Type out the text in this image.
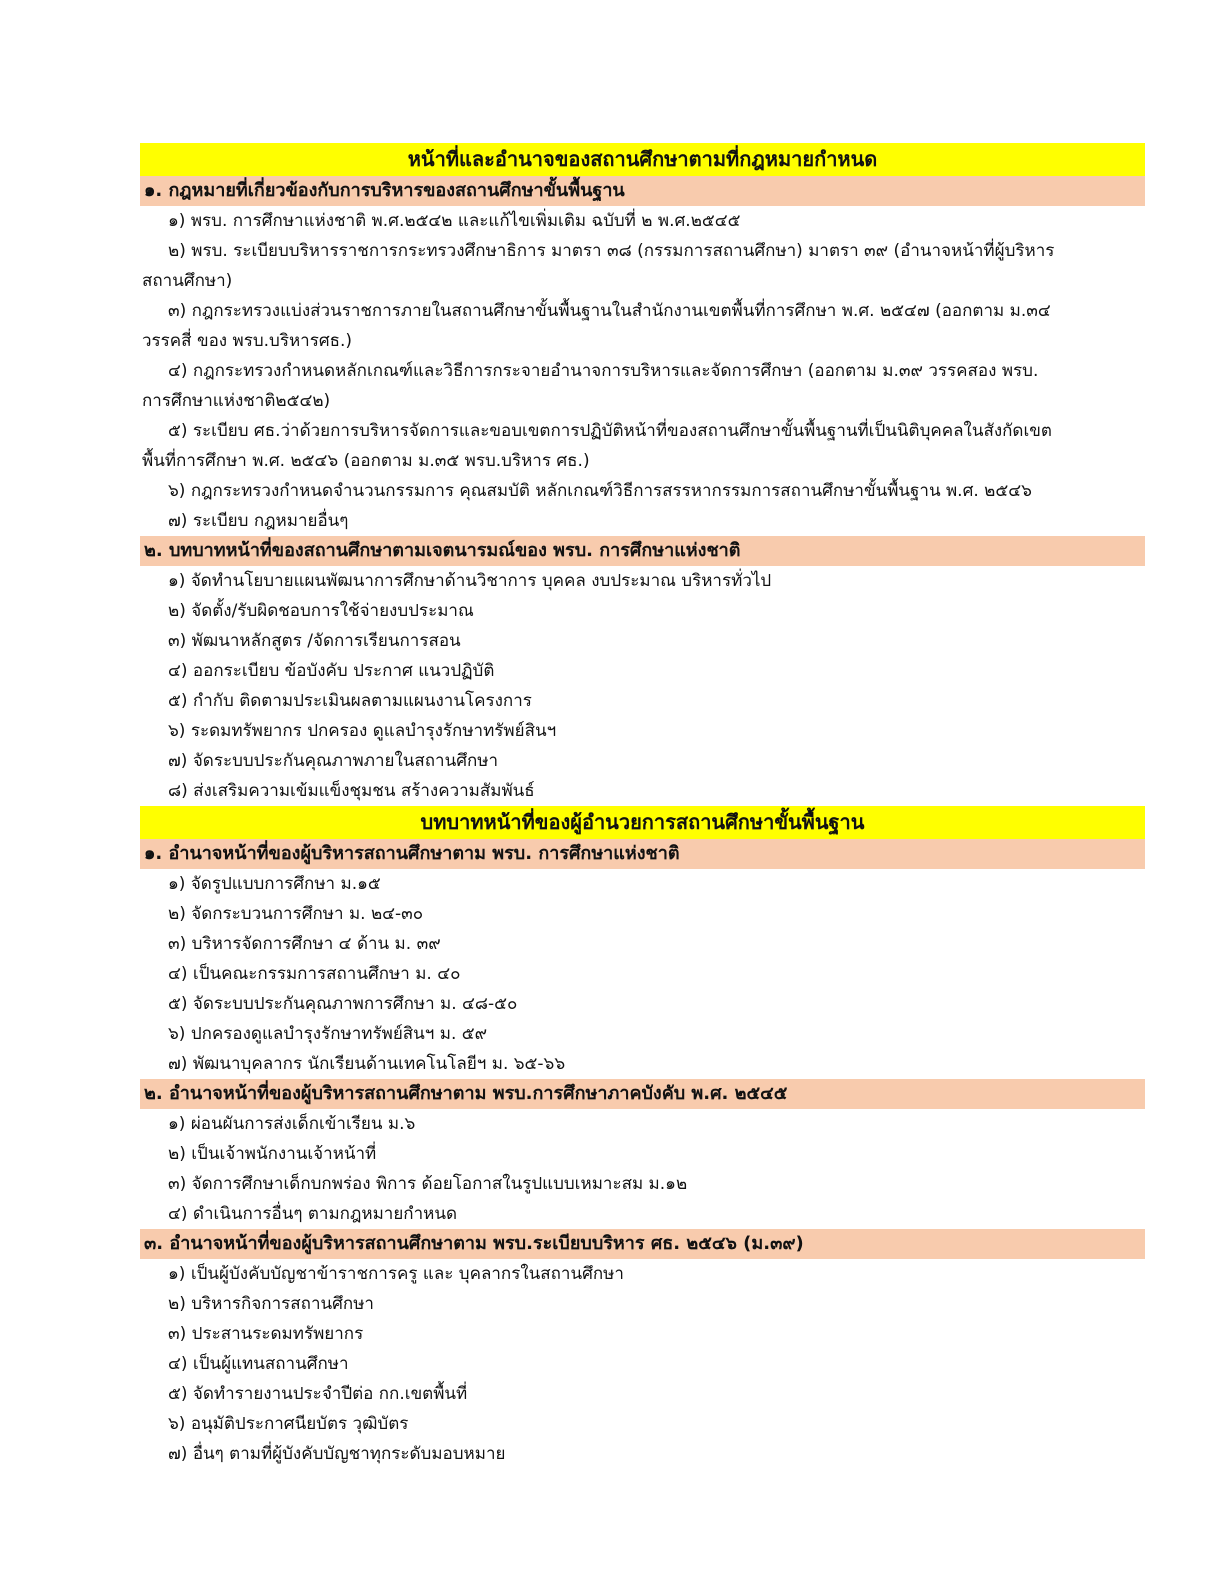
หน้าที่และอำนาจของสถานศึกษาตามที่กฎหมายกำหนด
๑. กฎหมายที่เกี่ยวข้องกับการบริหารของสถานศึกษาขั้นพื้นฐาน
๑) พรบ. การศึกษาแห่งชาติ พ.ศ.๒๕๔๒ และแก้ไขเพิ่มเติม ฉบับที่ ๒ พ.ศ.๒๕๔๕
๒) พรบ. ระเบียบบริหารราชการกระทรวงศึกษาธิการ มาตรา ๓๘ (กรรมการสถานศึกษา) มาตรา ๓๙ (อำนาจหน้าที่ผู้บริหาร
สถานศึกษา)
๓) กฎกระทรวงแบ่งส่วนราชการภายในสถานศึกษาขั้นพื้นฐานในสำนักงานเขตพื้นที่การศึกษา พ.ศ. ๒๕๔๗ (ออกตาม ม.๓๔
วรรคสี่ ของ พรบ.บริหารศธ.)
๔) กฎกระทรวงกำหนดหลักเกณฑ์และวิธีการกระจายอำนาจการบริหารและจัดการศึกษา (ออกตาม ม.๓๙ วรรคสอง พรบ.
การศึกษาแห่งชาติ๒๕๔๒)
๕) ระเบียบ ศธ.ว่าด้วยการบริหารจัดการและขอบเขตการปฏิบัติหน้าที่ของสถานศึกษาขั้นพื้นฐานที่เป็นนิติบุคคลในสังกัดเขต
พื้นที่การศึกษา พ.ศ. ๒๕๔๖ (ออกตาม ม.๓๕ พรบ.บริหาร ศธ.)
๖) กฎกระทรวงกำหนดจำนวนกรรมการ คุณสมบัติ หลักเกณฑ์วิธีการสรรหากรรมการสถานศึกษาขั้นพื้นฐาน พ.ศ. ๒๕๔๖
๗) ระเบียบ กฎหมายอื่นๆ
๒. บทบาทหน้าที่ของสถานศึกษาตามเจตนารมณ์ของ พรบ. การศึกษาแห่งชาติ
๑) จัดทำนโยบายแผนพัฒนาการศึกษาด้านวิชาการ บุคคล งบประมาณ บริหารทั่วไป
๒) จัดตั้ง/รับผิดชอบการใช้จ่ายงบประมาณ
๓) พัฒนาหลักสูตร /จัดการเรียนการสอน
๔) ออกระเบียบ ข้อบังคับ ประกาศ แนวปฏิบัติ
๕) กำกับ ติดตามประเมินผลตามแผนงานโครงการ
๖) ระดมทรัพยากร ปกครอง ดูแลบำรุงรักษาทรัพย์สินฯ
๗) จัดระบบประกันคุณภาพภายในสถานศึกษา
๘) ส่งเสริมความเข้มแข็งชุมชน สร้างความสัมพันธ์
บทบาทหน้าที่ของผู้อำนวยการสถานศึกษาขั้นพื้นฐาน
๑. อำนาจหน้าที่ของผู้บริหารสถานศึกษาตาม พรบ. การศึกษาแห่งชาติ
๑) จัดรูปแบบการศึกษา ม.๑๕
๒) จัดกระบวนการศึกษา ม. ๒๔-๓๐
๓) บริหารจัดการศึกษา ๔ ด้าน ม. ๓๙
๔) เป็นคณะกรรมการสถานศึกษา ม. ๔๐
๕) จัดระบบประกันคุณภาพการศึกษา ม. ๔๘-๕๐
๖) ปกครองดูแลบำรุงรักษาทรัพย์สินฯ ม. ๕๙
๗) พัฒนาบุคลากร นักเรียนด้านเทคโนโลยีฯ ม. ๖๕-๖๖
๒. อำนาจหน้าที่ของผู้บริหารสถานศึกษาตาม พรบ.การศึกษาภาคบังคับ พ.ศ. ๒๕๔๕
๑) ผ่อนผันการส่งเด็กเข้าเรียน ม.๖
๒) เป็นเจ้าพนักงานเจ้าหน้าที่
๓) จัดการศึกษาเด็กบกพร่อง พิการ ด้อยโอกาสในรูปแบบเหมาะสม ม.๑๒
๔) ดำเนินการอื่นๆ ตามกฎหมายกำหนด
๓. อำนาจหน้าที่ของผู้บริหารสถานศึกษาตาม พรบ.ระเบียบบริหาร ศธ. ๒๕๔๖ (ม.๓๙)
๑) เป็นผู้บังคับบัญชาข้าราชการครู และ บุคลากรในสถานศึกษา
๒) บริหารกิจการสถานศึกษา
๓) ประสานระดมทรัพยากร
๔) เป็นผู้แทนสถานศึกษา
๕) จัดทำรายงานประจำปีต่อ กก.เขตพื้นที่
๖) อนุมัติประกาศนียบัตร วุฒิบัตร
๗) อื่นๆ ตามที่ผู้บังคับบัญชาทุกระดับมอบหมาย
